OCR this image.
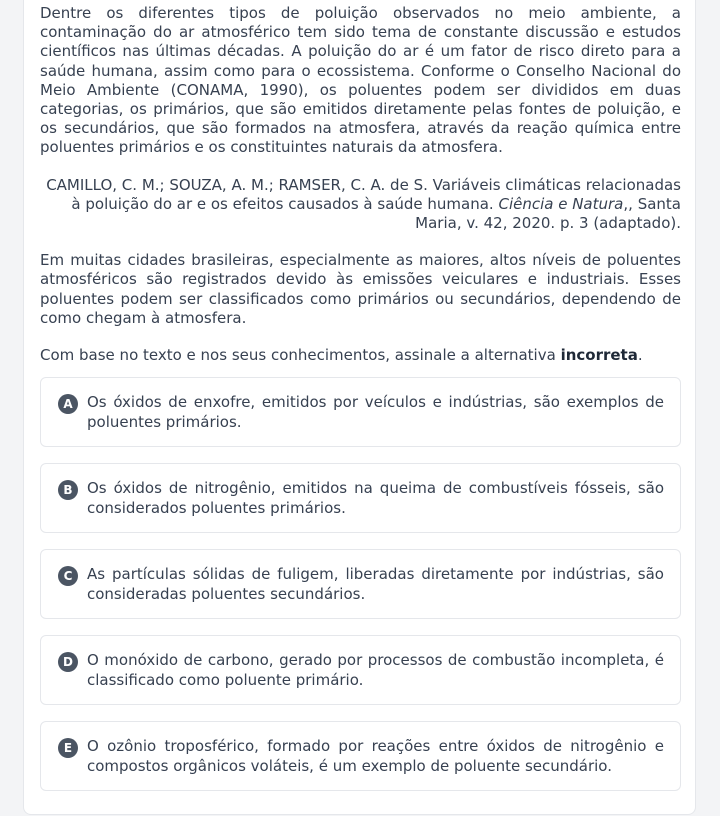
Dentre os diferentes tipos de poluição observados no meio ambiente, a contaminação do ar atmosférico tem sido tema de constante discussão e estudos científicos nas últimas décadas. A poluição do ar é um fator de risco direto para a saúde humana, assim como para o ecossistema. Conforme o Conselho Nacional do Meio Ambiente (CONAMA, 1990), os poluentes podem ser divididos em duas categorias, os primários, que são emitidos diretamente pelas fontes de poluição, e os secundários, que são formados na atmosfera, através da reação química entre poluentes primários e os constituintes naturais da atmosfera.

CAMILLO, C. M.; SOUZA, A. M.; RAMSER, C. A. de S. Variáveis climáticas relacionadas à poluição do ar e os efeitos causados à saúde humana. Ciência e Natura,, Santa Maria, v. 42, 2020. p. 3 (adaptado).

Em muitas cidades brasileiras, especialmente as maiores, altos níveis de poluentes atmosféricos são registrados devido às emissões veiculares e industriais. Esses poluentes podem ser classificados como primários ou secundários, dependendo de como chegam à atmosfera.

Com base no texto e nos seus conhecimentos, assinale a alternativa incorreta.
A Os óxidos de enxofre, emitidos por veículos e indústrias, são exemplos de poluentes primários.
B Os óxidos de nitrogênio, emitidos na queima de combustíveis fósseis, são considerados poluentes primários.
C As partículas sólidas de fuligem, liberadas diretamente por indústrias, são consideradas poluentes secundários.
D O monóxido de carbono, gerado por processos de combustão incompleta, é classificado como poluente primário.
E O ozônio troposférico, formado por reações entre óxidos de nitrogênio e compostos orgânicos voláteis, é um exemplo de poluente secundário.
